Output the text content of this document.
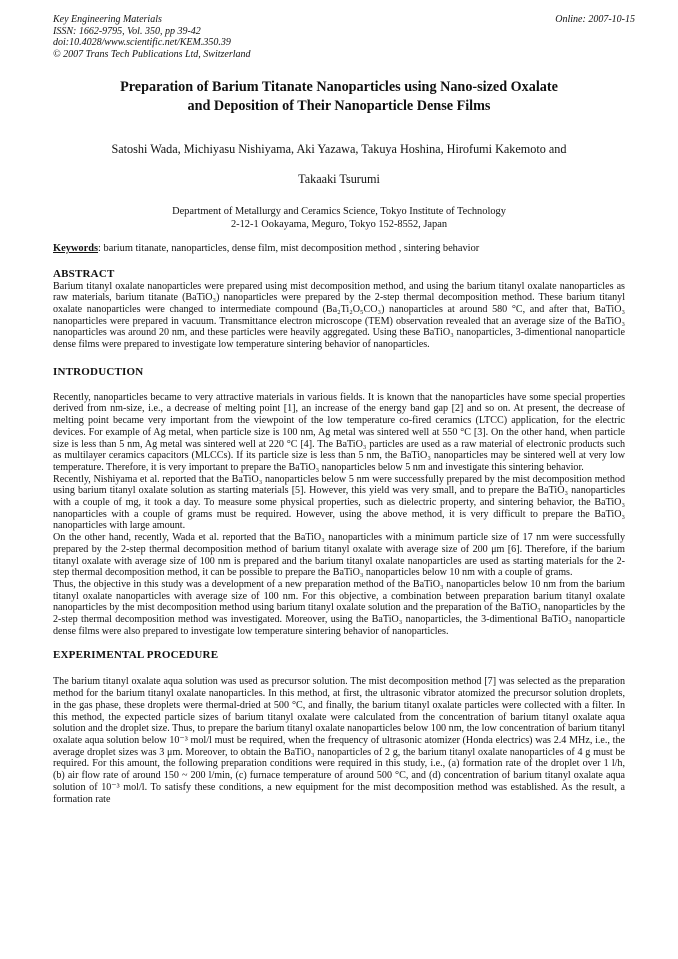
Key Engineering Materials
ISSN: 1662-9795, Vol. 350, pp 39-42
doi:10.4028/www.scientific.net/KEM.350.39
© 2007 Trans Tech Publications Ltd, Switzerland
Online: 2007-10-15
Preparation of Barium Titanate Nanoparticles using Nano-sized Oxalate
and Deposition of Their Nanoparticle Dense Films
Satoshi Wada, Michiyasu Nishiyama, Aki Yazawa, Takuya Hoshina, Hirofumi Kakemoto and
Takaaki Tsurumi
Department of Metallurgy and Ceramics Science, Tokyo Institute of Technology
2-12-1 Ookayama, Meguro, Tokyo 152-8552, Japan
Keywords: barium titanate, nanoparticles, dense film, mist decomposition method , sintering behavior
ABSTRACT

Barium titanyl oxalate nanoparticles were prepared using mist decomposition method, and using the barium titanyl oxalate nanoparticles as raw materials, barium titanate (BaTiO₃) nanoparticles were prepared by the 2-step thermal decomposition method. These barium titanyl oxalate nanoparticles were changed to intermediate compound (Ba₂Ti₂O₅CO₃) nanoparticles at around 580 °C, and after that, BaTiO₃ nanoparticles were prepared in vacuum. Transmittance electron microscope (TEM) observation revealed that an average size of the BaTiO₃ nanoparticles was around 20 nm, and these particles were heavily aggregated. Using these BaTiO₃ nanoparticles, 3-dimentional nanoparticle dense films were prepared to investigate low temperature sintering behavior of nanoparticles.

INTRODUCTION

Recently, nanoparticles became to very attractive materials in various fields. It is known that the nanoparticles have some special properties derived from nm-size, i.e., a decrease of melting point [1], an increase of the energy band gap [2] and so on. At present, the decrease of melting point became very important from the viewpoint of the low temperature co-fired ceramics (LTCC) application, for the electric devices. For example of Ag metal, when particle size is 100 nm, Ag metal was sintered well at 550 °C [3]. On the other hand, when particle size is less than 5 nm, Ag metal was sintered well at 220 °C [4]. The BaTiO₃ particles are used as a raw material of electronic products such as multilayer ceramics capacitors (MLCCs). If its particle size is less than 5 nm, the BaTiO₃ nanoparticles may be sintered well at very low temperature. Therefore, it is very important to prepare the BaTiO₃ nanoparticles below 5 nm and investigate this sintering behavior.

Recently, Nishiyama et al. reported that the BaTiO₃ nanoparticles below 5 nm were successfully prepared by the mist decomposition method using barium titanyl oxalate solution as starting materials [5]. However, this yield was very small, and to prepare the BaTiO₃ nanoparticles with a couple of mg, it took a day. To measure some physical properties, such as dielectric property, and sintering behavior, the BaTiO₃ nanoparticles with a couple of grams must be required. However, using the above method, it is very difficult to prepare the BaTiO₃ nanoparticles with large amount.

On the other hand, recently, Wada et al. reported that the BaTiO₃ nanoparticles with a minimum particle size of 17 nm were successfully prepared by the 2-step thermal decomposition method of barium titanyl oxalate with average size of 200 μm [6]. Therefore, if the barium titanyl oxalate with average size of 100 nm is prepared and the barium titanyl oxalate nanoparticles are used as starting materials for the 2-step thermal decomposition method, it can be possible to prepare the BaTiO₃ nanoparticles below 10 nm with a couple of grams.

Thus, the objective in this study was a development of a new preparation method of the BaTiO₃ nanoparticles below 10 nm from the barium titanyl oxalate nanoparticles with average size of 100 nm. For this objective, a combination between preparation barium titanyl oxalate nanoparticles by the mist decomposition method using barium titanyl oxalate solution and the preparation of the BaTiO₃ nanoparticles by the 2-step thermal decomposition method was investigated. Moreover, using the BaTiO₃ nanoparticles, the 3-dimentional BaTiO₃ nanoparticle dense films were also prepared to investigate low temperature sintering behavior of nanoparticles.

EXPERIMENTAL PROCEDURE

The barium titanyl oxalate aqua solution was used as precursor solution. The mist decomposition method [7] was selected as the preparation method for the barium titanyl oxalate nanoparticles. In this method, at first, the ultrasonic vibrator atomized the precursor solution droplets, in the gas phase, these droplets were thermal-dried at 500 °C, and finally, the barium titanyl oxalate particles were collected with a filter. In this method, the expected particle sizes of barium titanyl oxalate were calculated from the concentration of barium titanyl oxalate aqua solution and the droplet size. Thus, to prepare the barium titanyl oxalate nanoparticles below 100 nm, the low concentration of barium titanyl oxalate aqua solution below 10⁻³ mol/l must be required, when the frequency of ultrasonic atomizer (Honda electrics) was 2.4 MHz, i.e., the average droplet sizes was 3 μm. Moreover, to obtain the BaTiO₃ nanoparticles of 2 g, the barium titanyl oxalate nanoparticles of 4 g must be required. For this amount, the following preparation conditions were required in this study, i.e., (a) formation rate of the droplet over 1 l/h, (b) air flow rate of around 150 ~ 200 l/min, (c) furnace temperature of around 500 °C, and (d) concentration of barium titanyl oxalate aqua solution of 10⁻³ mol/l. To satisfy these conditions, a new equipment for the mist decomposition method was established. As the result, a formation rate
